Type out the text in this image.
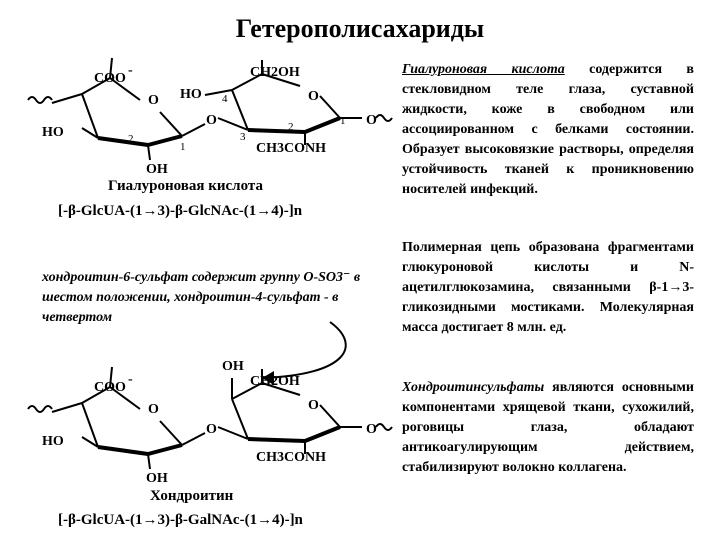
Гетерополисахариды
COO
-
O
HO
OH
HO
O
CH2OH
O
O
CH3CONH
4
2
1
3
2	1
COO
-
O
HO
OH
OH
O
CH2OH
O
O
CH3CONH
Гиалуроновая кислота
[-β-GlcUA-(1→3)-β-GlcNAc-(1→4)-]n
хондроитин-6-сульфат содержит группу O-SO3⁻ в шестом положении, хондроитин-4-сульфат - в четвертом
Хондроитин
[-β-GlcUA-(1→3)-β-GalNAc-(1→4)-]n
Гиалуроновая кислота содержится в стекловидном теле глаза, суставной жидкости, коже в свободном или ассоциированном с белками состоянии. Образует высоковязкие растворы, определяя устойчивость тканей к проникновению носителей инфекций.
Полимерная цепь образована фрагментами глюкуроновой кислоты и N-ацетилглюкозамина, связанными β-1→3-гликозидными мостиками. Молекулярная масса достигает 8 млн. ед.
Хондроитинсульфаты являются основными компонентами хрящевой ткани, сухожилий, роговицы глаза, обладают антикоагулирующим действием, стабилизируют волокно коллагена.
